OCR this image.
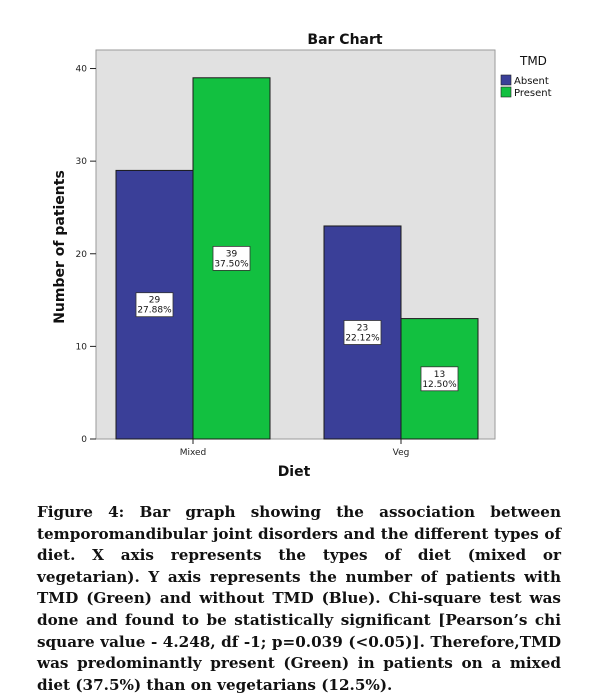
Bar Chart
29
27.88%
39
37.50%
23
22.12%
13
12.50%
0
10
20
30
40
Mixed	Veg
Diet
Number of patients
TMD
Absent
Present

Figure 4: Bar graph showing the association between temporomandibular joint disorders and the different types of diet. X axis represents the types of diet (mixed or vegetarian). Y axis represents the number of patients with TMD (Green) and without TMD (Blue). Chi-square test was done and found to be statistically significant [Pearson’s chi square value - 4.248, df -1; p=0.039 (<0.05)]. Therefore,TMD was predominantly present (Green) in patients on a mixed diet (37.5%) than on vegetarians (12.5%).
